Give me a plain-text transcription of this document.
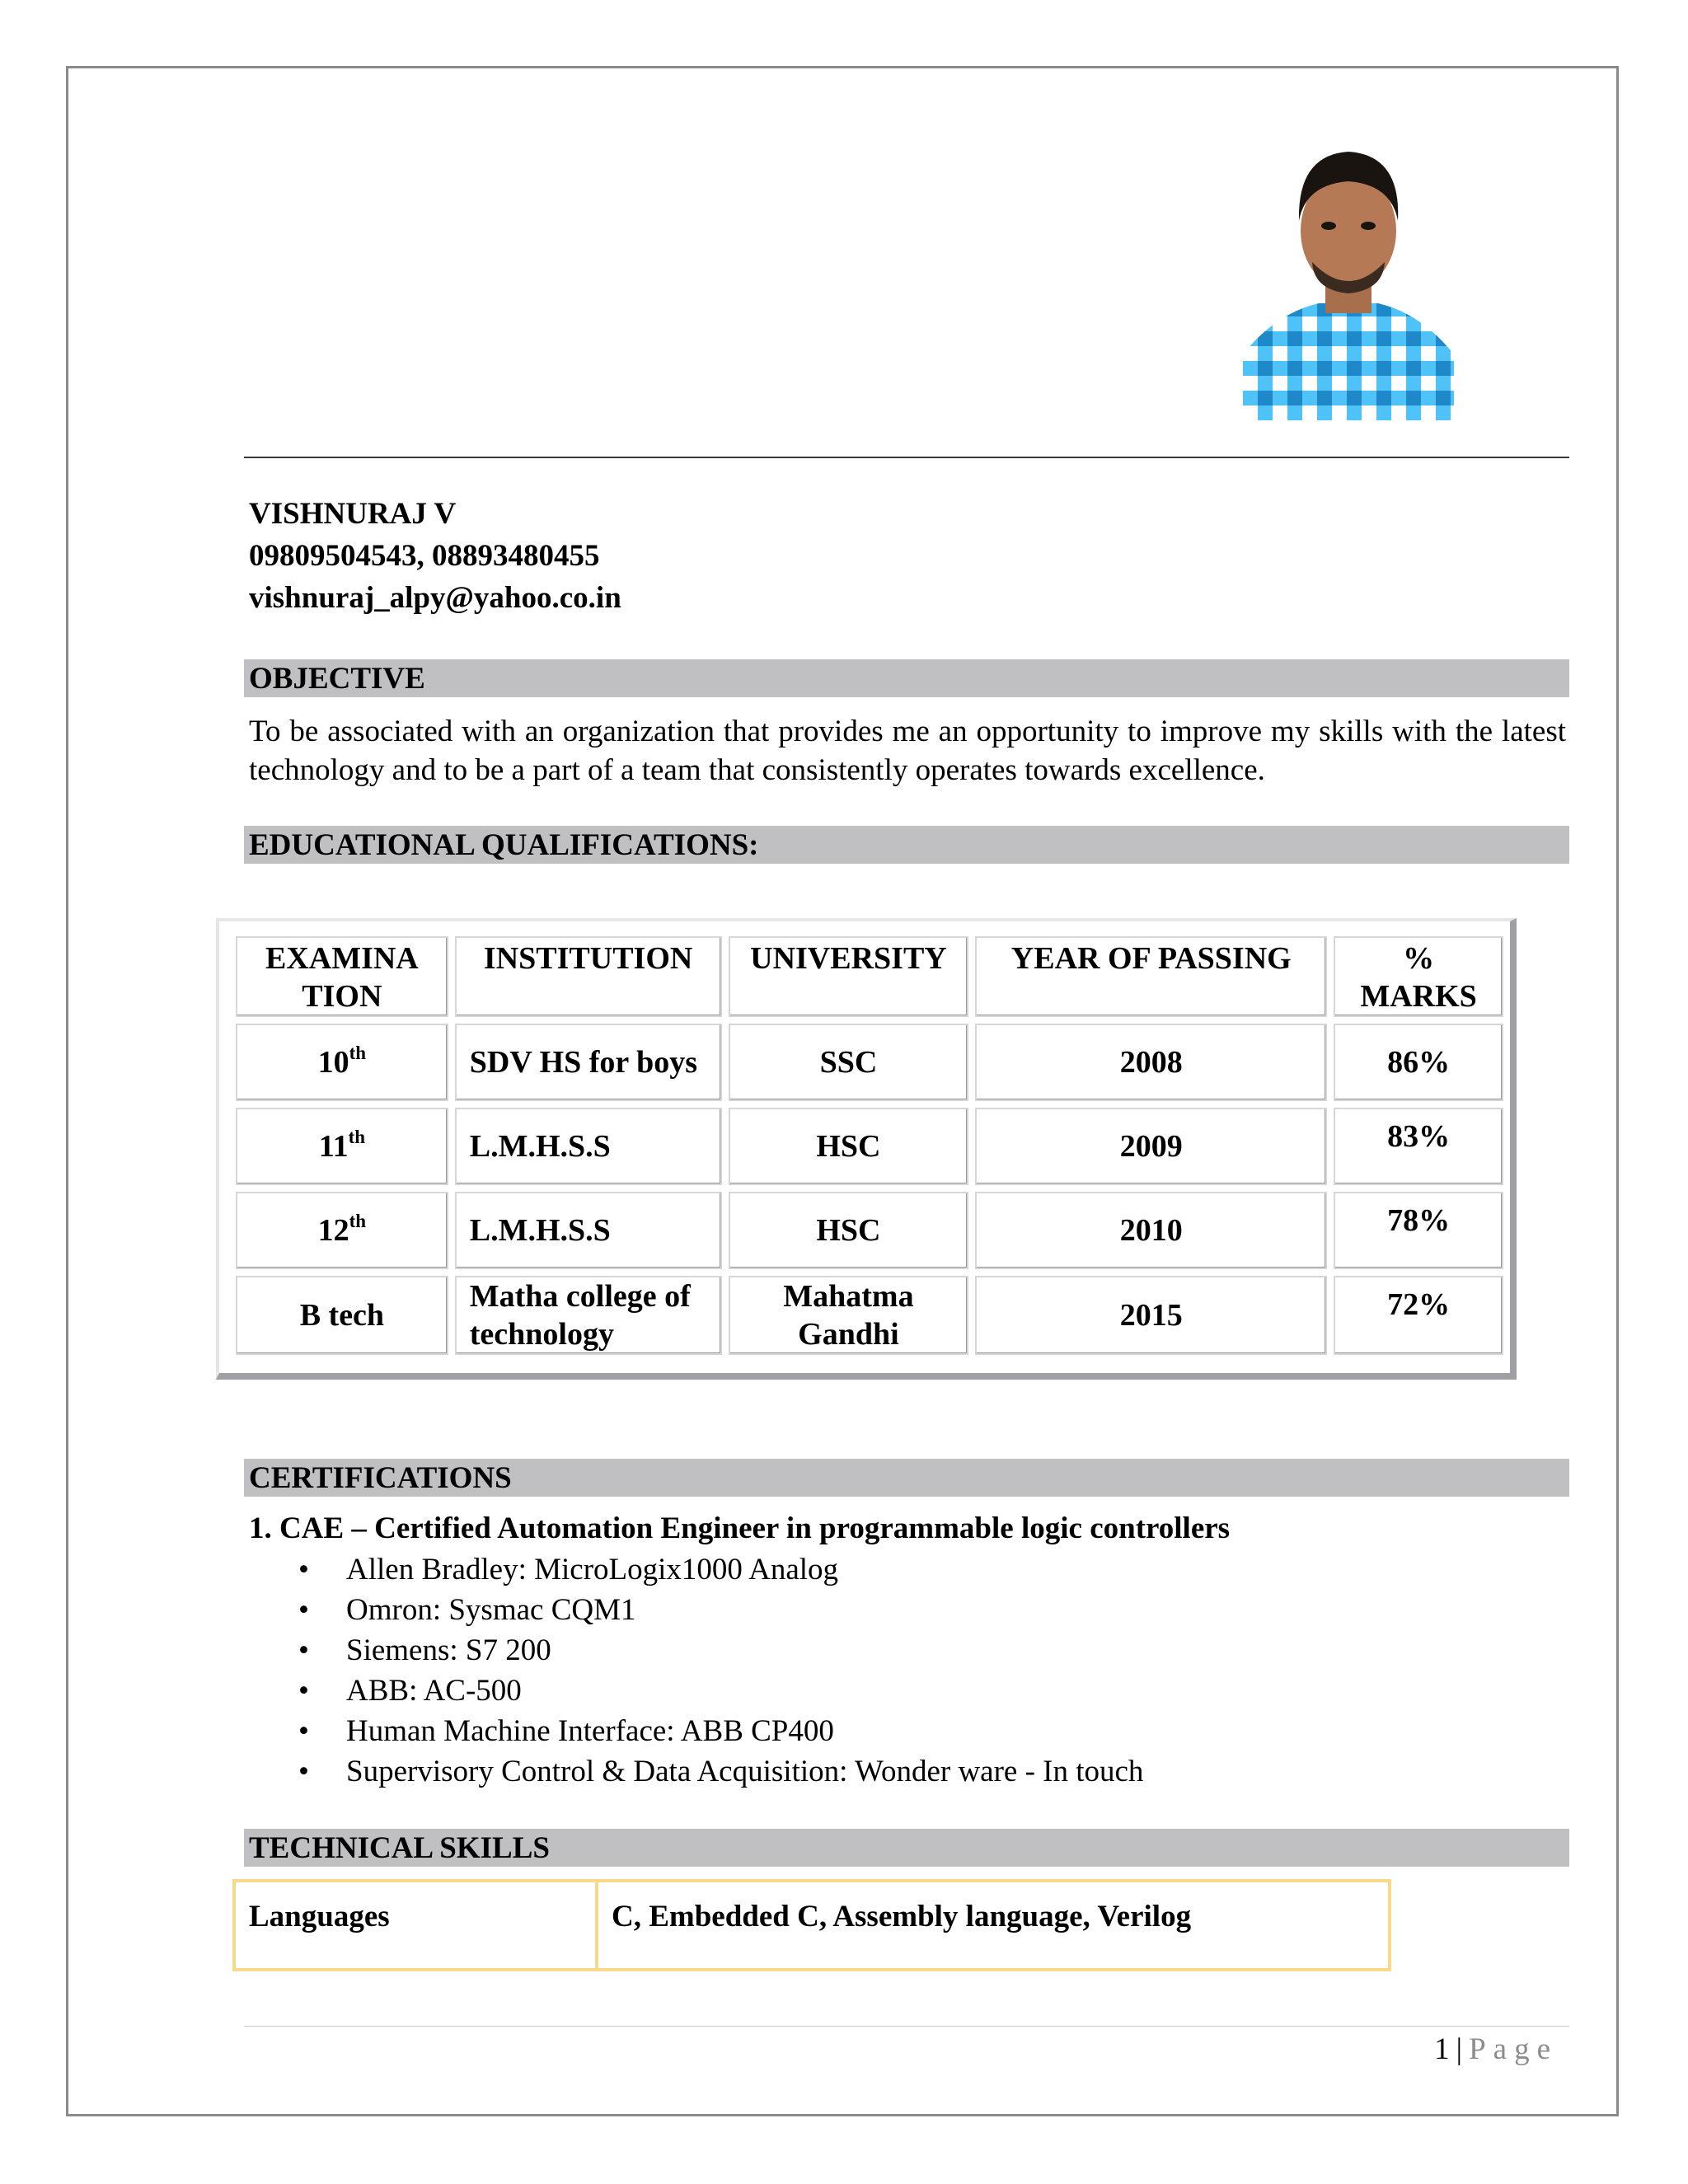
VISHNURAJ V
09809504543, 08893480455
vishnuraj_alpy@yahoo.co.in
OBJECTIVE
To be associated with an organization that provides me an opportunity to improve my skills with the latest technology and to be a part of a team that consistently operates towards excellence.
EDUCATIONAL QUALIFICATIONS:
EXAMINA TION	INSTITUTION	UNIVERSITY	YEAR OF PASSING	% MARKS
10th	SDV HS for boys	SSC	2008	86%
11th	L.M.H.S.S	HSC	2009	83%
12th	L.M.H.S.S	HSC	2010	78%
B tech	Matha college of technology	Mahatma Gandhi	2015	72%
CERTIFICATIONS
1. CAE – Certified Automation Engineer in programmable logic controllers
• Allen Bradley: MicroLogix1000 Analog
• Omron: Sysmac CQM1
• Siemens: S7 200
• ABB: AC-500
• Human Machine Interface: ABB CP400
• Supervisory Control & Data Acquisition: Wonder ware - In touch
TECHNICAL SKILLS
Languages	C, Embedded C, Assembly language, Verilog
1 | Page
